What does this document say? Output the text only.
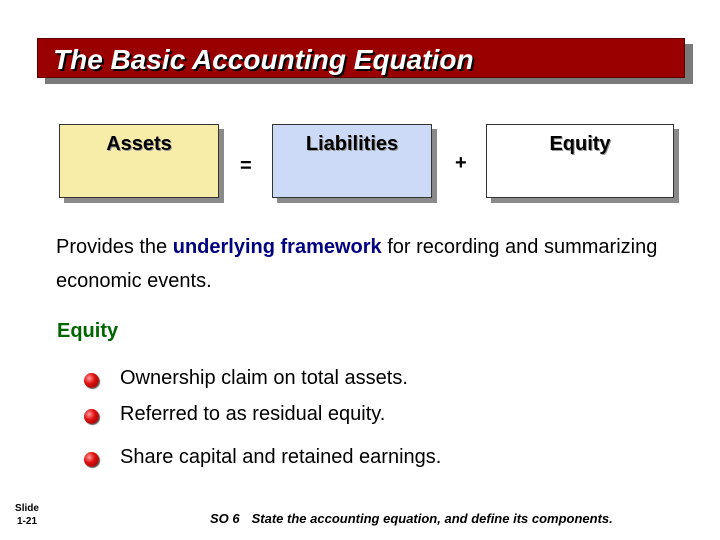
The Basic Accounting Equation
Assets
=
Liabilities
+
Equity
Provides the underlying framework for recording and summarizing economic events.
Equity
Ownership claim on total assets.
Referred to as residual equity.
Share capital and retained earnings.
Slide
1-21	SO 6 State the accounting equation, and define its components.
